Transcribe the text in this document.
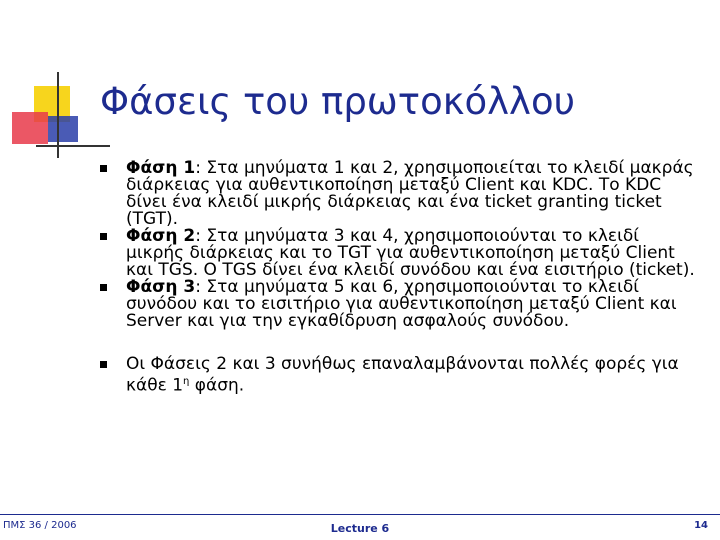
Φάσεις του πρωτοκόλλου
Φάση 1: Στα μηνύματα 1 και 2, χρησιμοποιείται το κλειδί μακράς διάρκειας για αυθεντικοποίηση μεταξύ Client και KDC. Το KDC δίνει ένα κλειδί μικρής διάρκειας και ένα ticket granting ticket (TGT).
Φάση 2: Στα μηνύματα 3 και 4, χρησιμοποιούνται το κλειδί μικρής διάρκειας και το TGT για αυθεντικοποίηση μεταξύ Client και TGS. Ο TGS δίνει ένα κλειδί συνόδου και ένα εισιτήριο (ticket).
Φάση 3: Στα μηνύματα 5 και 6, χρησιμοποιούνται το κλειδί συνόδου και το εισιτήριο για αυθεντικοποίηση μεταξύ Client και Server και για την εγκαθίδρυση ασφαλούς συνόδου.
Οι Φάσεις 2 και 3 συνήθως επαναλαμβάνονται πολλές φορές για κάθε $1^\eta$ φάση.
ΠΜΣ 36 / 2006	Lecture 6	14
